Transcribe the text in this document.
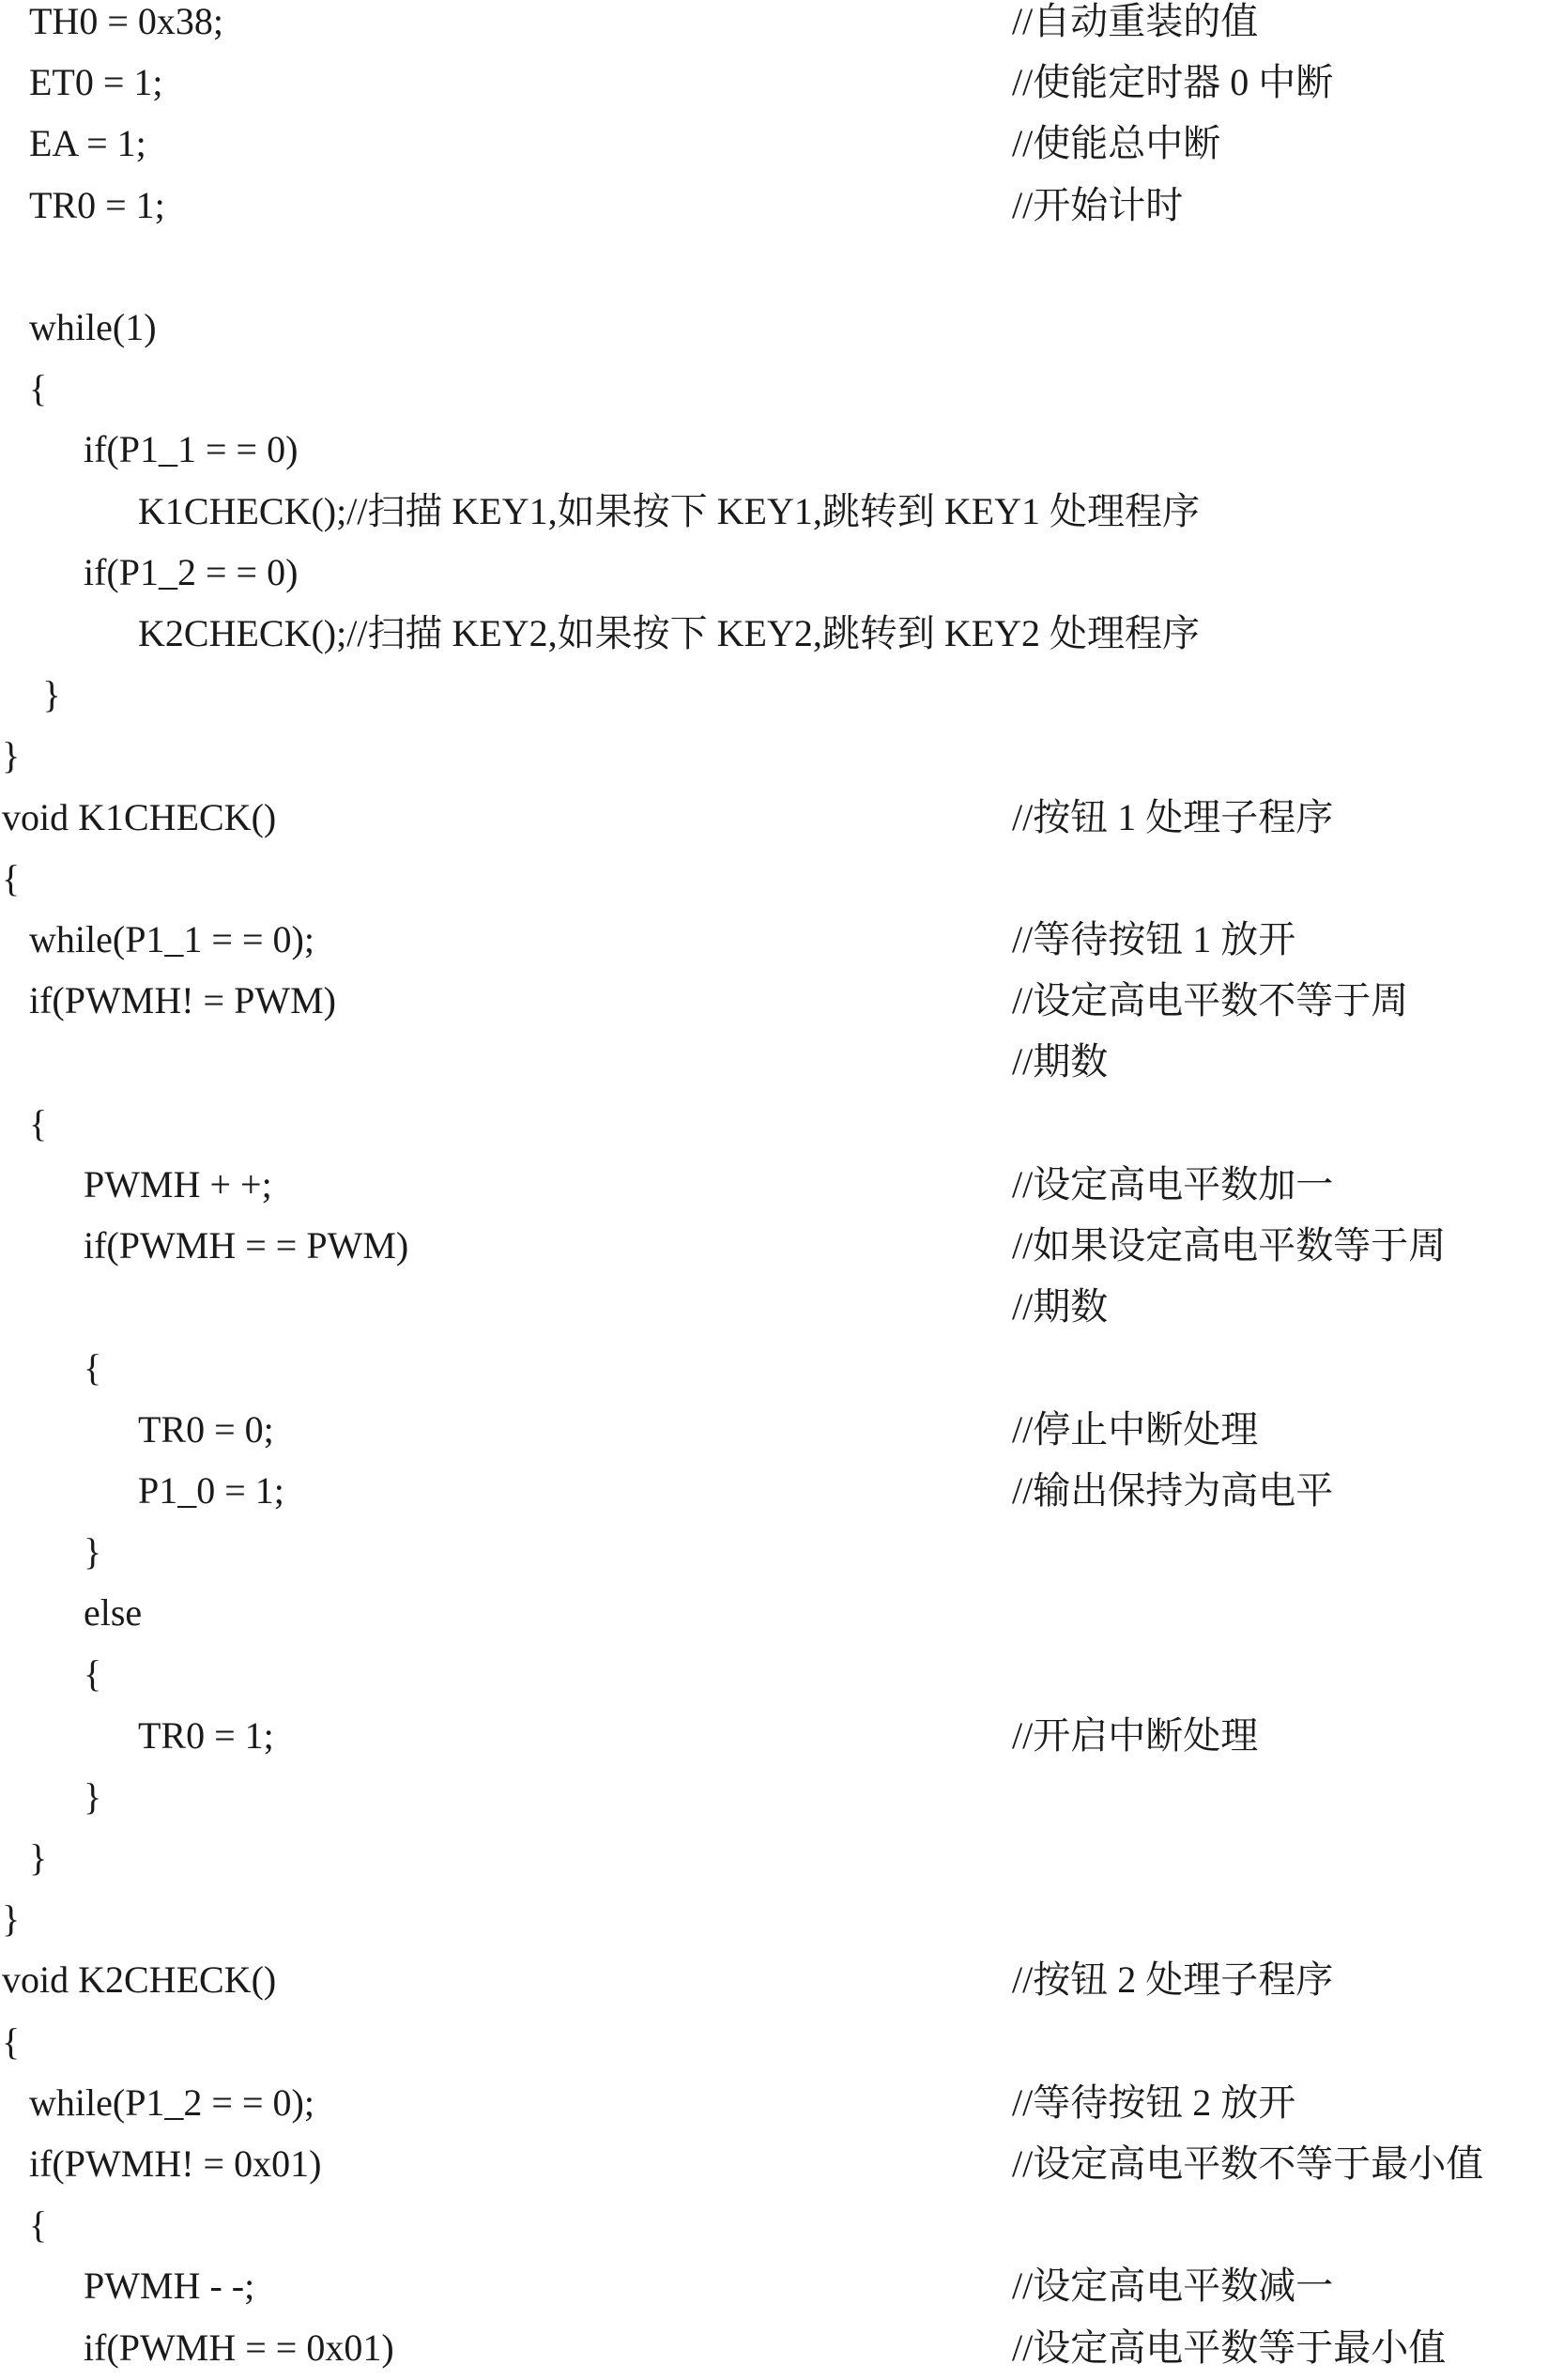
TH0 = 0x38;	//自动重装的值
ET0 = 1;	//使能定时器 0 中断
EA = 1;	//使能总中断
TR0 = 1;	//开始计时
while(1)
{
if(P1_1 = = 0)
K1CHECK();//扫描 KEY1,如果按下 KEY1,跳转到 KEY1 处理程序
if(P1_2 = = 0)
K2CHECK();//扫描 KEY2,如果按下 KEY2,跳转到 KEY2 处理程序
}
}
void K1CHECK()	//按钮 1 处理子程序
{
while(P1_1 = = 0);	//等待按钮 1 放开
if(PWMH! = PWM)	//设定高电平数不等于周
//期数
{
PWMH + +;	//设定高电平数加一
if(PWMH = = PWM)	//如果设定高电平数等于周
//期数
{
TR0 = 0;	//停止中断处理
P1_0 = 1;	//输出保持为高电平
}
else
{
TR0 = 1;	//开启中断处理
}
}
}
void K2CHECK()	//按钮 2 处理子程序
{
while(P1_2 = = 0);	//等待按钮 2 放开
if(PWMH! = 0x01)	//设定高电平数不等于最小值
{
PWMH - -;	//设定高电平数减一
if(PWMH = = 0x01)	//设定高电平数等于最小值
